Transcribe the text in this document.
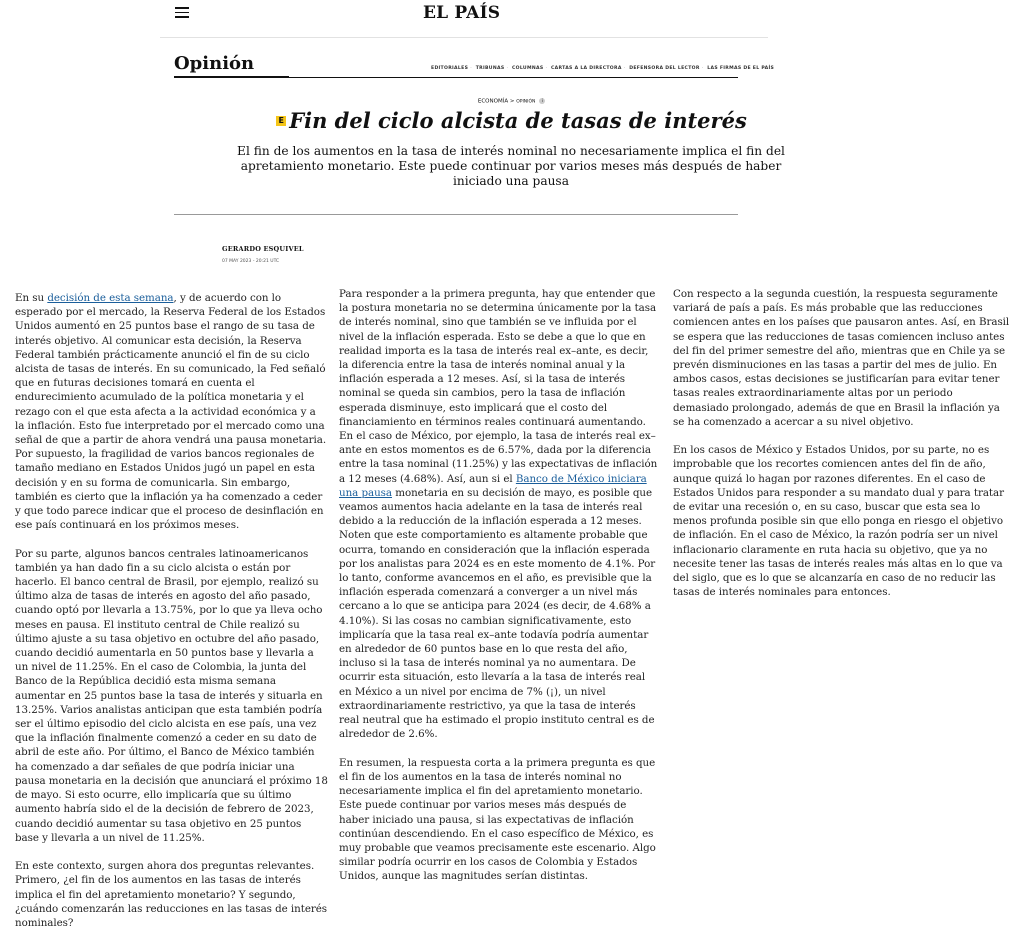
EL PAÍS
Opinión	EDITORIALES · TRIBUNAS · COLUMNAS · CARTAS A LA DIRECTORA · DEFENSORA DEL LECTOR · LAS FIRMAS DE EL PAÍS
ECONOMÍA > OPINIÓN i
E Fin del ciclo alcista de tasas de interés
El fin de los aumentos en la tasa de interés nominal no necesariamente implica el fin del apretamiento monetario. Este puede continuar por varios meses más después de haber iniciado una pausa
GERARDO ESQUIVEL
07 MAY 2023 - 20:21 UTC

En su decisión de esta semana, y de acuerdo con lo esperado por el mercado, la Reserva Federal de los Estados Unidos aumentó en 25 puntos base el rango de su tasa de interés objetivo. Al comunicar esta decisión, la Reserva Federal también prácticamente anunció el fin de su ciclo alcista de tasas de interés. En su comunicado, la Fed señaló que en futuras decisiones tomará en cuenta el endurecimiento acumulado de la política monetaria y el rezago con el que esta afecta a la actividad económica y a la inflación. Esto fue interpretado por el mercado como una señal de que a partir de ahora vendrá una pausa monetaria. Por supuesto, la fragilidad de varios bancos regionales de tamaño mediano en Estados Unidos jugó un papel en esta decisión y en su forma de comunicarla. Sin embargo, también es cierto que la inflación ya ha comenzado a ceder y que todo parece indicar que el proceso de desinflación en ese país continuará en los próximos meses.

Por su parte, algunos bancos centrales latinoamericanos también ya han dado fin a su ciclo alcista o están por hacerlo. El banco central de Brasil, por ejemplo, realizó su último alza de tasas de interés en agosto del año pasado, cuando optó por llevarla a 13.75%, por lo que ya lleva ocho meses en pausa. El instituto central de Chile realizó su último ajuste a su tasa objetivo en octubre del año pasado, cuando decidió aumentarla en 50 puntos base y llevarla a un nivel de 11.25%. En el caso de Colombia, la junta del Banco de la República decidió esta misma semana aumentar en 25 puntos base la tasa de interés y situarla en 13.25%. Varios analistas anticipan que esta también podría ser el último episodio del ciclo alcista en ese país, una vez que la inflación finalmente comenzó a ceder en su dato de abril de este año. Por último, el Banco de México también ha comenzado a dar señales de que podría iniciar una pausa monetaria en la decisión que anunciará el próximo 18 de mayo. Si esto ocurre, ello implicaría que su último aumento habría sido el de la decisión de febrero de 2023, cuando decidió aumentar su tasa objetivo en 25 puntos base y llevarla a un nivel de 11.25%.

En este contexto, surgen ahora dos preguntas relevantes. Primero, ¿el fin de los aumentos en las tasas de interés implica el fin del apretamiento monetario? Y segundo, ¿cuándo comenzarán las reducciones en las tasas de interés nominales?

Para responder a la primera pregunta, hay que entender que la postura monetaria no se determina únicamente por la tasa de interés nominal, sino que también se ve influida por el nivel de la inflación esperada. Esto se debe a que lo que en realidad importa es la tasa de interés real ex–ante, es decir, la diferencia entre la tasa de interés nominal anual y la inflación esperada a 12 meses. Así, si la tasa de interés nominal se queda sin cambios, pero la tasa de inflación esperada disminuye, esto implicará que el costo del financiamiento en términos reales continuará aumentando. En el caso de México, por ejemplo, la tasa de interés real ex–ante en estos momentos es de 6.57%, dada por la diferencia entre la tasa nominal (11.25%) y las expectativas de inflación a 12 meses (4.68%). Así, aun si el Banco de México iniciara una pausa monetaria en su decisión de mayo, es posible que veamos aumentos hacia adelante en la tasa de interés real debido a la reducción de la inflación esperada a 12 meses. Noten que este comportamiento es altamente probable que ocurra, tomando en consideración que la inflación esperada por los analistas para 2024 es en este momento de 4.1%. Por lo tanto, conforme avancemos en el año, es previsible que la inflación esperada comenzará a converger a un nivel más cercano a lo que se anticipa para 2024 (es decir, de 4.68% a 4.10%). Si las cosas no cambian significativamente, esto implicaría que la tasa real ex–ante todavía podría aumentar en alrededor de 60 puntos base en lo que resta del año, incluso si la tasa de interés nominal ya no aumentara. De ocurrir esta situación, esto llevaría a la tasa de interés real en México a un nivel por encima de 7% (¡), un nivel extraordinariamente restrictivo, ya que la tasa de interés real neutral que ha estimado el propio instituto central es de alrededor de 2.6%.

En resumen, la respuesta corta a la primera pregunta es que el fin de los aumentos en la tasa de interés nominal no necesariamente implica el fin del apretamiento monetario. Este puede continuar por varios meses más después de haber iniciado una pausa, si las expectativas de inflación continúan descendiendo. En el caso específico de México, es muy probable que veamos precisamente este escenario. Algo similar podría ocurrir en los casos de Colombia y Estados Unidos, aunque las magnitudes serían distintas.

Con respecto a la segunda cuestión, la respuesta seguramente variará de país a país. Es más probable que las reducciones comiencen antes en los países que pausaron antes. Así, en Brasil se espera que las reducciones de tasas comiencen incluso antes del fin del primer semestre del año, mientras que en Chile ya se prevén disminuciones en las tasas a partir del mes de julio. En ambos casos, estas decisiones se justificarían para evitar tener tasas reales extraordinariamente altas por un periodo demasiado prolongado, además de que en Brasil la inflación ya se ha comenzado a acercar a su nivel objetivo.

En los casos de México y Estados Unidos, por su parte, no es improbable que los recortes comiencen antes del fin de año, aunque quizá lo hagan por razones diferentes. En el caso de Estados Unidos para responder a su mandato dual y para tratar de evitar una recesión o, en su caso, buscar que esta sea lo menos profunda posible sin que ello ponga en riesgo el objetivo de inflación. En el caso de México, la razón podría ser un nivel inflacionario claramente en ruta hacia su objetivo, que ya no necesite tener las tasas de interés reales más altas en lo que va del siglo, que es lo que se alcanzaría en caso de no reducir las tasas de interés nominales para entonces.
